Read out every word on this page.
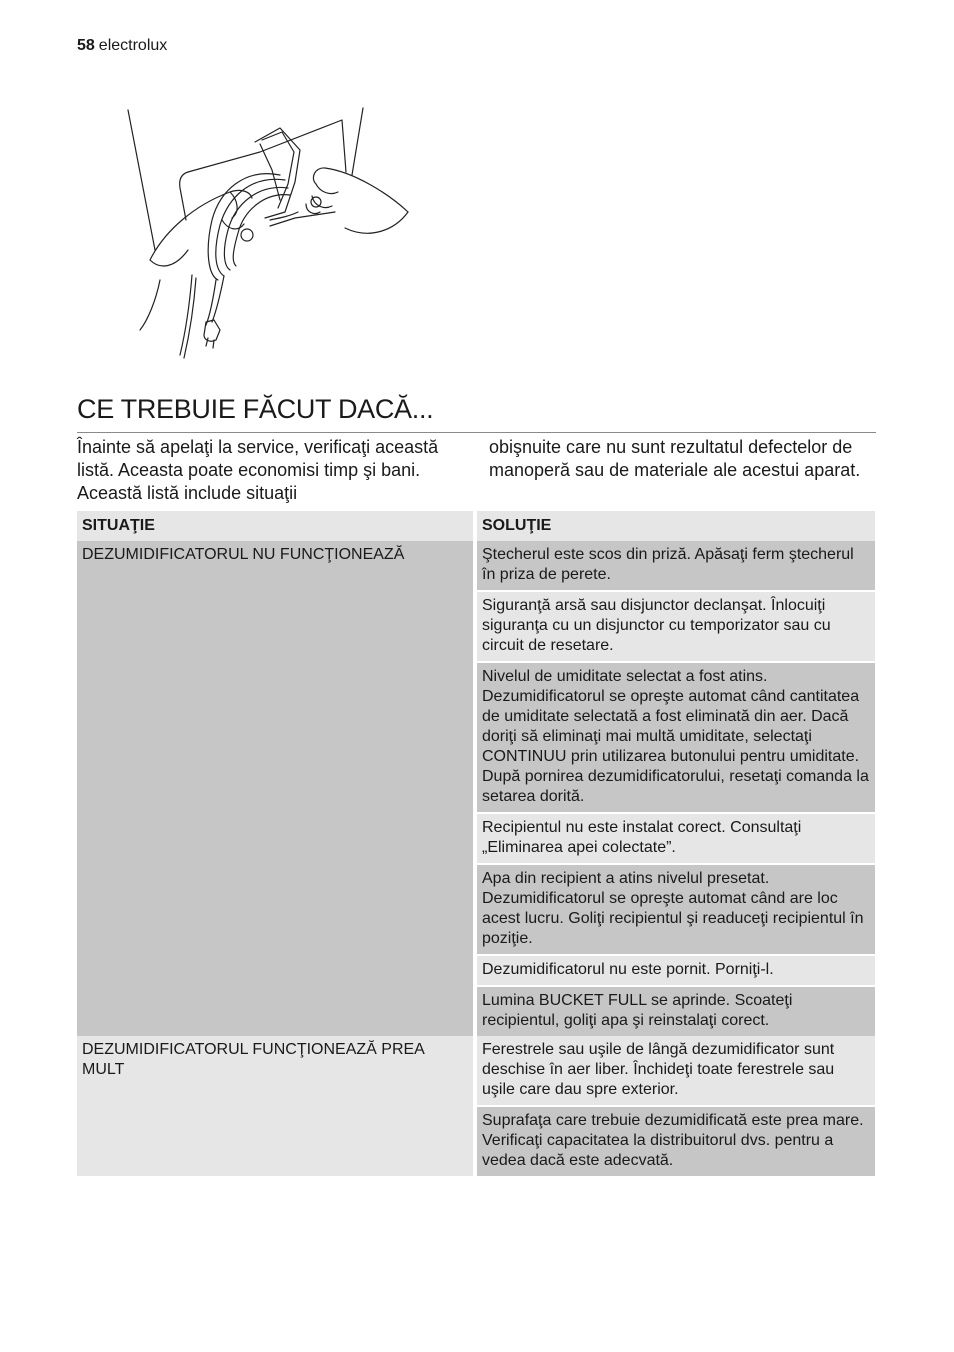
58 electrolux
CE TREBUIE FĂCUT DACĂ...

Înainte să apelaţi la service, verificaţi această listă. Aceasta poate economisi timp şi bani. Această listă include situaţii

obişnuite care nu sunt rezultatul defectelor de manoperă sau de materiale ale acestui aparat.

SITUAŢIE	SOLUŢIE
DEZUMIDIFICATORUL NU FUNCŢIONEAZĂ	Ştecherul este scos din priză. Apăsaţi ferm ştecherul în priza de perete.
	Siguranţă arsă sau disjunctor declanşat. Înlocuiţi siguranţa cu un disjunctor cu temporizator sau cu circuit de resetare.
	Nivelul de umiditate selectat a fost atins. Dezumidificatorul se opreşte automat când cantitatea de umiditate selectată a fost eliminată din aer. Dacă doriţi să eliminaţi mai multă umiditate, selectaţi CONTINUU prin utilizarea butonului pentru umiditate. După pornirea dezumidificatorului, resetaţi comanda la setarea dorită.
	Recipientul nu este instalat corect. Consultaţi „Eliminarea apei colectate”.
	Apa din recipient a atins nivelul presetat. Dezumidificatorul se opreşte automat când are loc acest lucru. Goliţi recipientul şi readuceţi recipientul în poziţie.
	Dezumidificatorul nu este pornit. Porniţi-l.
	Lumina BUCKET FULL se aprinde. Scoateţi recipientul, goliţi apa şi reinstalaţi corect.
DEZUMIDIFICATORUL FUNCŢIONEAZĂ PREA MULT	Ferestrele sau uşile de lângă dezumidificator sunt deschise în aer liber. Închideţi toate ferestrele sau uşile care dau spre exterior.
	Suprafaţa care trebuie dezumidificată este prea mare. Verificaţi capacitatea la distribuitorul dvs. pentru a vedea dacă este adecvată.
